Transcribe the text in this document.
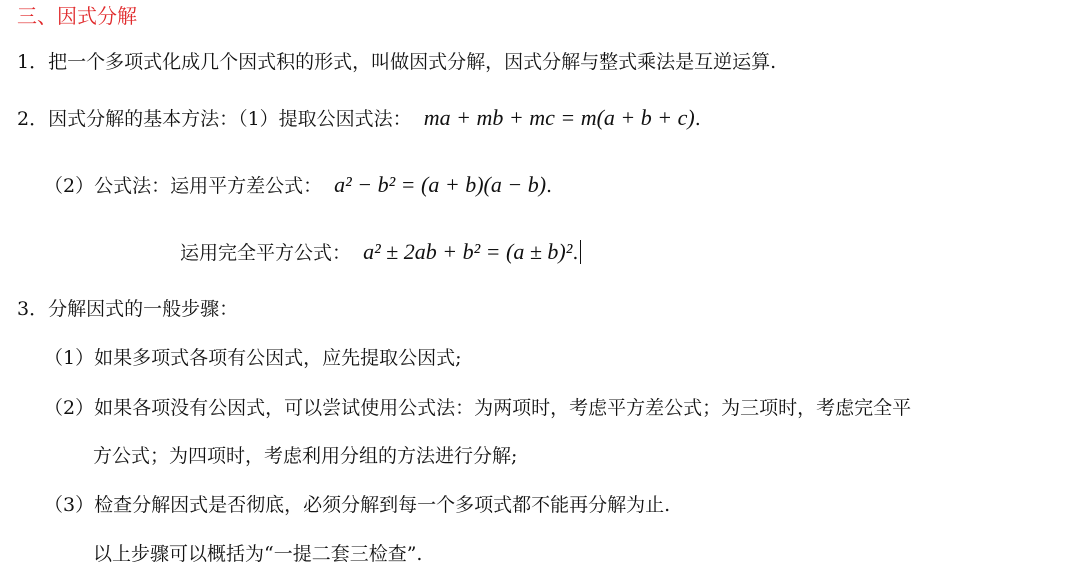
三、因式分解
1．把一个多项式化成几个因式积的形式，叫做因式分解，因式分解与整式乘法是互逆运算.
2．因式分解的基本方法：（1）提取公因式法： ma + mb + mc = m(a + b + c).
（2）公式法：运用平方差公式： a² − b² = (a + b)(a − b).
运用完全平方公式： a² ± 2ab + b² = (a ± b)².
3．分解因式的一般步骤：
（1）如果多项式各项有公因式，应先提取公因式;
（2）如果各项没有公因式，可以尝试使用公式法：为两项时，考虑平方差公式；为三项时，考虑完全平
方公式；为四项时，考虑利用分组的方法进行分解;
（3）检查分解因式是否彻底，必须分解到每一个多项式都不能再分解为止.
以上步骤可以概括为“一提二套三检查”.
